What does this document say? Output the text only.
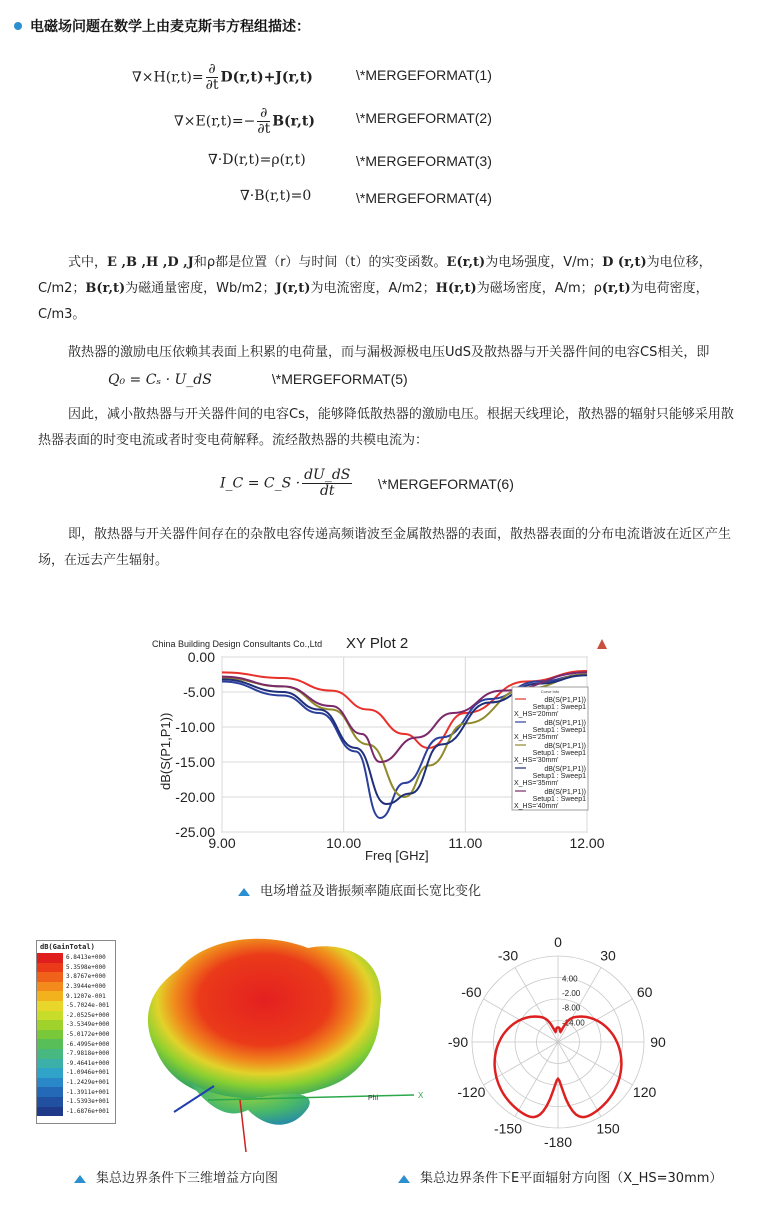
电磁场问题在数学上由麦克斯韦方程组描述：
$\nabla\times H(r,t)= \frac{\partial}{\partial t} D(r,t)+J(r,t)$	\*MERGEFORMAT(1)
$\nabla\times E(r,t)=- \frac{\partial}{\partial t} B(r,t)$	\*MERGEFORMAT(2)
∇·D(r,t)=ρ(r,t)	\*MERGEFORMAT(3)
∇·B(r,t)=0	\*MERGEFORMAT(4)
式中，E ,B ,H ,D ,J和ρ都是位置（r）与时间（t）的实变函数。E(r,t)为电场强度，V/m；D (r,t)为电位移，C/m2；B(r,t)为磁通量密度，Wb/m2；J(r,t)为电流密度，A/m2；H(r,t)为磁场密度，A/m；ρ(r,t)为电荷密度，C/m3。
散热器的激励电压依赖其表面上积累的电荷量，而与漏极源极电压UdS及散热器与开关器件间的电容CS相关，即Q₀ = Cₛ · U_dS	\*MERGEFORMAT(5)
因此，减小散热器与开关器件间的电容Cs，能够降低散热器的激励电压。根据天线理论，散热器的辐射只能够采用散热器表面的时变电流或者时变电荷解释。流经散热器的共模电流为：
I_C = C_S · $\frac{dU\_dS}{dt}$ \*MERGEFORMAT(6)
即，散热器与开关器件间存在的杂散电容传递高频谐波至金属散热器的表面，散热器表面的分布电流谐波在近区产生场，在远去产生辐射。
China Building Design Consultants Co.,Ltd XY Plot 2
0.00
-5.00
-10.00
-15.00
-20.00
-25.00
9.00	10.00	11.00	12.00
Freq [GHz]
dB(S(P1,P1))
Curve Info
dB(S(P1,P1))
Setup1 : Sweep1
X_HS='20mm'
dB(S(P1,P1))
Setup1 : Sweep1
X_HS='25mm'
dB(S(P1,P1))
Setup1 : Sweep1
X_HS='30mm'
dB(S(P1,P1))
Setup1 : Sweep1
X_HS='35mm'
dB(S(P1,P1))
Setup1 : Sweep1
X_HS='40mm'
电场增益及谐振频率随底面长宽比变化
dB(GainTotal)
6.8413e+000
5.3598e+000
3.8767e+000
2.3944e+000
9.1207e-001
-5.7024e-001
-2.0525e+000
-3.5349e+000
-5.0172e+000
-6.4995e+000
-7.9818e+000
-9.4641e+000
-1.0946e+001
-1.2429e+001
-1.3911e+001
-1.5393e+001
-1.6876e+001
Phi	X
0
30
60
90
120
150
-180
-150
-120
-90
-60
-30
4.00
-2.00
-8.00
-14.00
集总边界条件下三维增益方向图	集总边界条件下E平面辐射方向图（X_HS=30mm）
